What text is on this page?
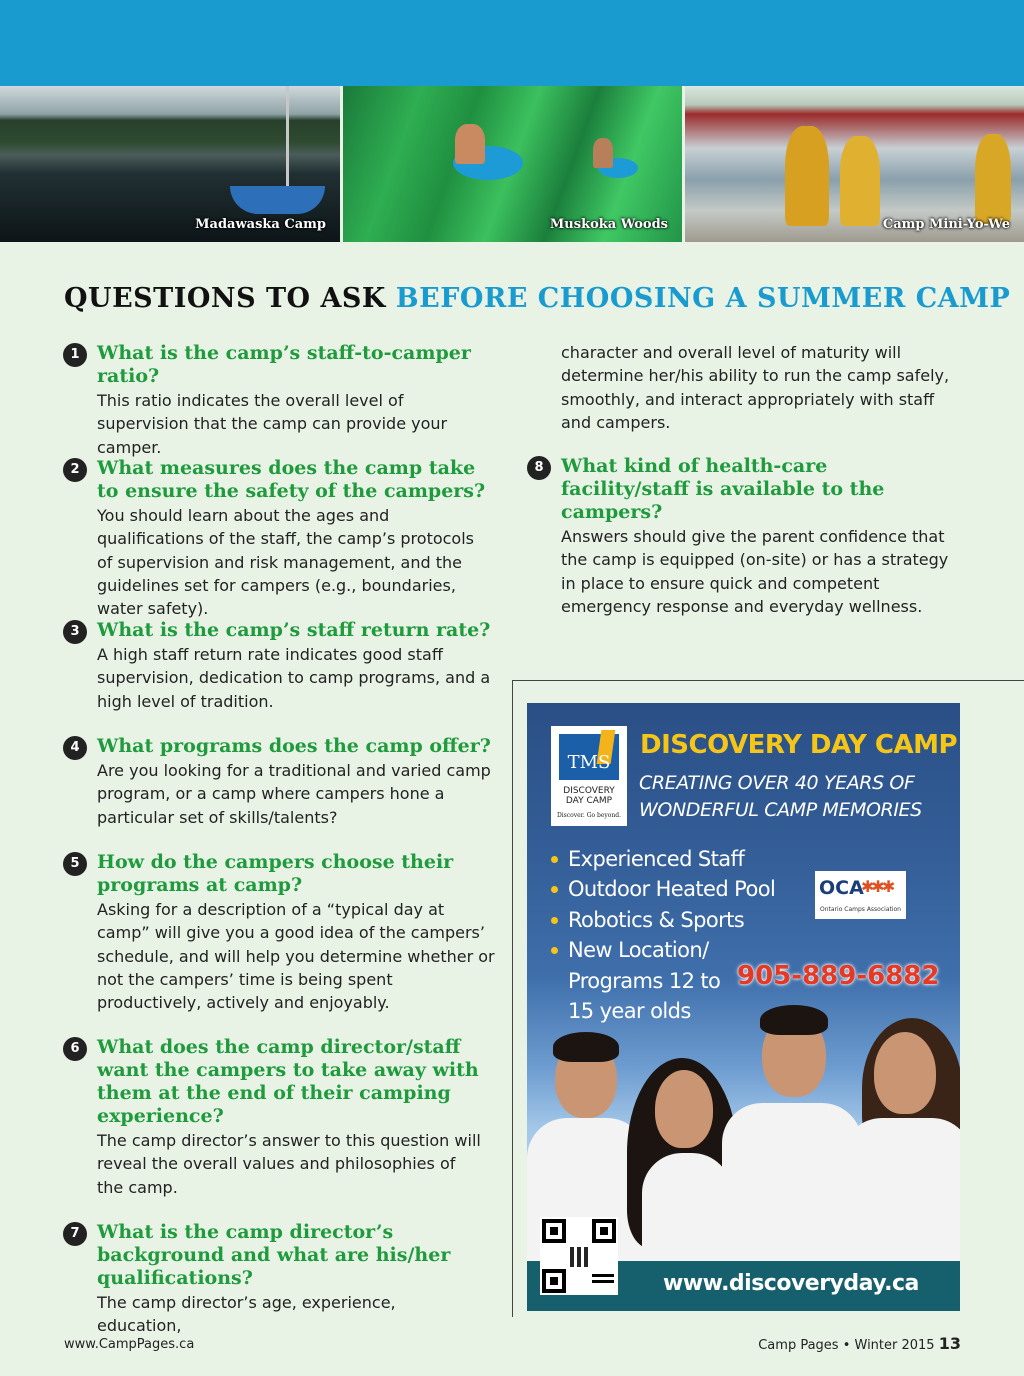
Madawaska Camp	Muskoka Woods	Camp Mini-Yo-We
QUESTIONS TO ASK BEFORE CHOOSING A SUMMER CAMP
1 What is the camp’s staff-to-camper ratio?
This ratio indicates the overall level of supervision that the camp can provide your camper.
2 What measures does the camp take to ensure the safety of the campers?
You should learn about the ages and qualifications of the staff, the camp’s protocols of supervision and risk management, and the guidelines set for campers (e.g., boundaries, water safety).
3 What is the camp’s staff return rate?
A high staff return rate indicates good staff supervision, dedication to camp programs, and a high level of tradition.
4 What programs does the camp offer?
Are you looking for a traditional and varied camp program, or a camp where campers hone a particular set of skills/talents?
5 How do the campers choose their programs at camp?
Asking for a description of a “typical day at camp” will give you a good idea of the campers’ schedule, and will help you determine whether or not the campers’ time is being spent productively, actively and enjoyably.
6 What does the camp director/staff want the campers to take away with them at the end of their camping experience?
The camp director’s answer to this question will reveal the overall values and philosophies of the camp.
7 What is the camp director’s background and what are his/her qualifications?
The camp director’s age, experience, education,
character and overall level of maturity will determine her/his ability to run the camp safely, smoothly, and interact appropriately with staff and campers.
8 What kind of health-care facility/staff is available to the campers?
Answers should give the parent confidence that the camp is equipped (on-site) or has a strategy in place to ensure quick and competent emergency response and everyday wellness.
TMS
DISCOVERY
DAY CAMP
Discover. Go beyond.
DISCOVERY DAY CAMP
CREATING OVER 40 YEARS OF WONDERFUL CAMP MEMORIES
Experienced Staff
Outdoor Heated Pool
Robotics & Sports
New Location/ Programs 12 to 15 year olds
OCA
✱✱✱
Ontario Camps Association
905-889-6882
www.discoveryday.ca
www.CampPages.ca	Camp Pages • Winter 2015 13
